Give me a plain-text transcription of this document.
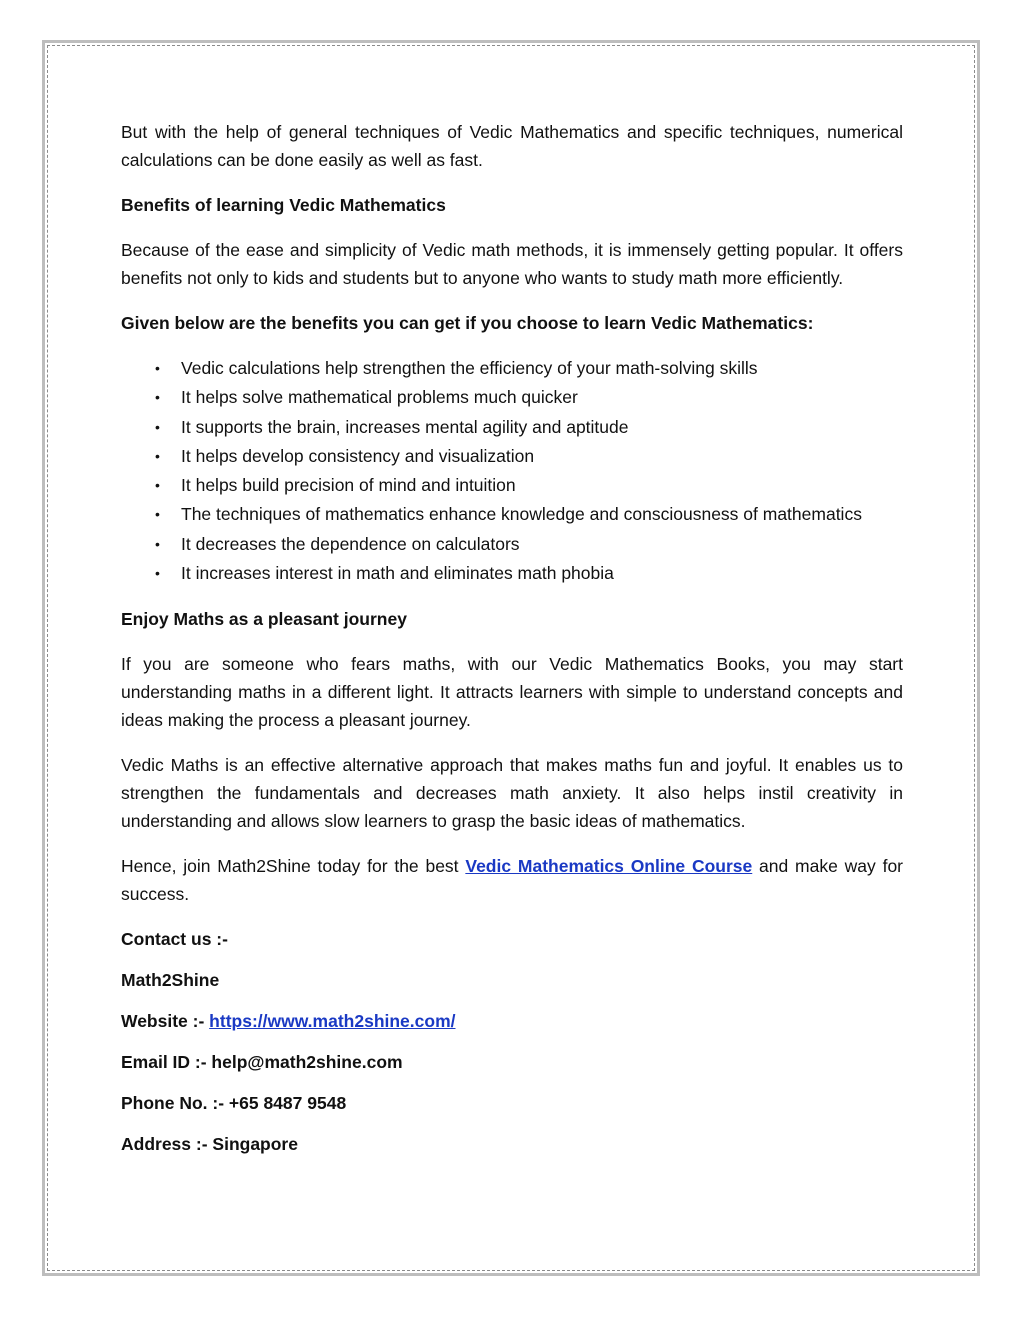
But with the help of general techniques of Vedic Mathematics and specific techniques, numerical calculations can be done easily as well as fast.

Benefits of learning Vedic Mathematics

Because of the ease and simplicity of Vedic math methods, it is immensely getting popular. It offers benefits not only to kids and students but to anyone who wants to study math more efficiently.

Given below are the benefits you can get if you choose to learn Vedic Mathematics:

• Vedic calculations help strengthen the efficiency of your math-solving skills
• It helps solve mathematical problems much quicker
• It supports the brain, increases mental agility and aptitude
• It helps develop consistency and visualization
• It helps build precision of mind and intuition
• The techniques of mathematics enhance knowledge and consciousness of mathematics
• It decreases the dependence on calculators
• It increases interest in math and eliminates math phobia

Enjoy Maths as a pleasant journey

If you are someone who fears maths, with our Vedic Mathematics Books, you may start understanding maths in a different light. It attracts learners with simple to understand concepts and ideas making the process a pleasant journey.

Vedic Maths is an effective alternative approach that makes maths fun and joyful. It enables us to strengthen the fundamentals and decreases math anxiety. It also helps instil creativity in understanding and allows slow learners to grasp the basic ideas of mathematics.

Hence, join Math2Shine today for the best Vedic Mathematics Online Course and make way for success.

Contact us :-

Math2Shine

Website :- https://www.math2shine.com/

Email ID :- help@math2shine.com

Phone No. :- +65 8487 9548

Address :- Singapore
